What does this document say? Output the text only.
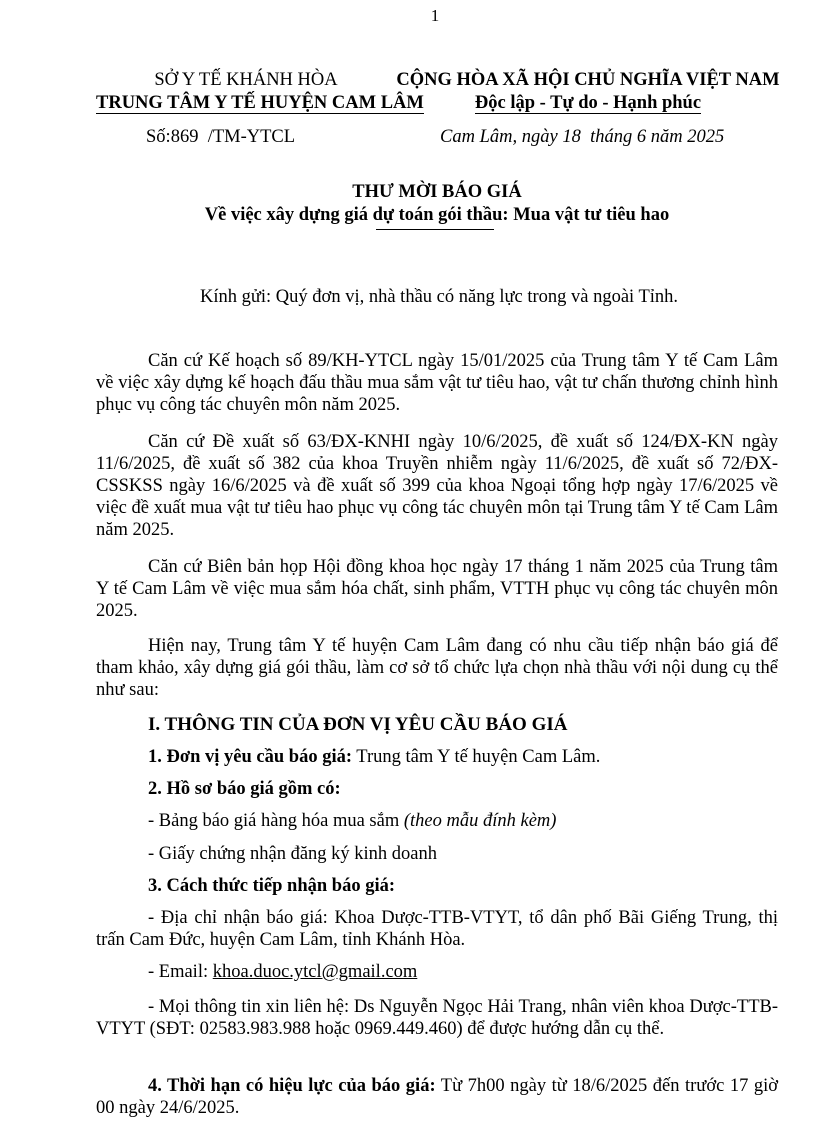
1
SỞ Y TẾ KHÁNH HÒA
TRUNG TÂM Y TẾ HUYỆN CAM LÂM
Số:869 /TM-YTCL
CỘNG HÒA XÃ HỘI CHỦ NGHĨA VIỆT NAM
Độc lập - Tự do - Hạnh phúc
Cam Lâm, ngày 18 tháng 6 năm 2025
THƯ MỜI BÁO GIÁ
Về việc xây dựng giá dự toán gói thầu: Mua vật tư tiêu hao
Kính gửi: Quý đơn vị, nhà thầu có năng lực trong và ngoài Tỉnh.
Căn cứ Kế hoạch số 89/KH-YTCL ngày 15/01/2025 của Trung tâm Y tế Cam Lâm về việc xây dựng kế hoạch đấu thầu mua sắm vật tư tiêu hao, vật tư chấn thương chỉnh hình phục vụ công tác chuyên môn năm 2025.
Căn cứ Đề xuất số 63/ĐX-KNHI ngày 10/6/2025, đề xuất số 124/ĐX-KN ngày 11/6/2025, đề xuất số 382 của khoa Truyền nhiễm ngày 11/6/2025, đề xuất số 72/ĐX-CSSKSS ngày 16/6/2025 và đề xuất số 399 của khoa Ngoại tổng hợp ngày 17/6/2025 về việc đề xuất mua vật tư tiêu hao phục vụ công tác chuyên môn tại Trung tâm Y tế Cam Lâm năm 2025.
Căn cứ Biên bản họp Hội đồng khoa học ngày 17 tháng 1 năm 2025 của Trung tâm Y tế Cam Lâm về việc mua sắm hóa chất, sinh phẩm, VTTH phục vụ công tác chuyên môn 2025.
Hiện nay, Trung tâm Y tế huyện Cam Lâm đang có nhu cầu tiếp nhận báo giá để tham khảo, xây dựng giá gói thầu, làm cơ sở tổ chức lựa chọn nhà thầu với nội dung cụ thể như sau:
I. THÔNG TIN CỦA ĐƠN VỊ YÊU CẦU BÁO GIÁ
1. Đơn vị yêu cầu báo giá: Trung tâm Y tế huyện Cam Lâm.
2. Hồ sơ báo giá gồm có:
- Bảng báo giá hàng hóa mua sắm (theo mẫu đính kèm)
- Giấy chứng nhận đăng ký kinh doanh
3. Cách thức tiếp nhận báo giá:
- Địa chỉ nhận báo giá: Khoa Dược-TTB-VTYT, tổ dân phố Bãi Giếng Trung, thị trấn Cam Đức, huyện Cam Lâm, tỉnh Khánh Hòa.
- Email: khoa.duoc.ytcl@gmail.com
- Mọi thông tin xin liên hệ: Ds Nguyễn Ngọc Hải Trang, nhân viên khoa Dược-TTB-VTYT (SĐT: 02583.983.988 hoặc 0969.449.460) để được hướng dẫn cụ thể.
4. Thời hạn có hiệu lực của báo giá: Từ 7h00 ngày từ 18/6/2025 đến trước 17 giờ 00 ngày 24/6/2025.
